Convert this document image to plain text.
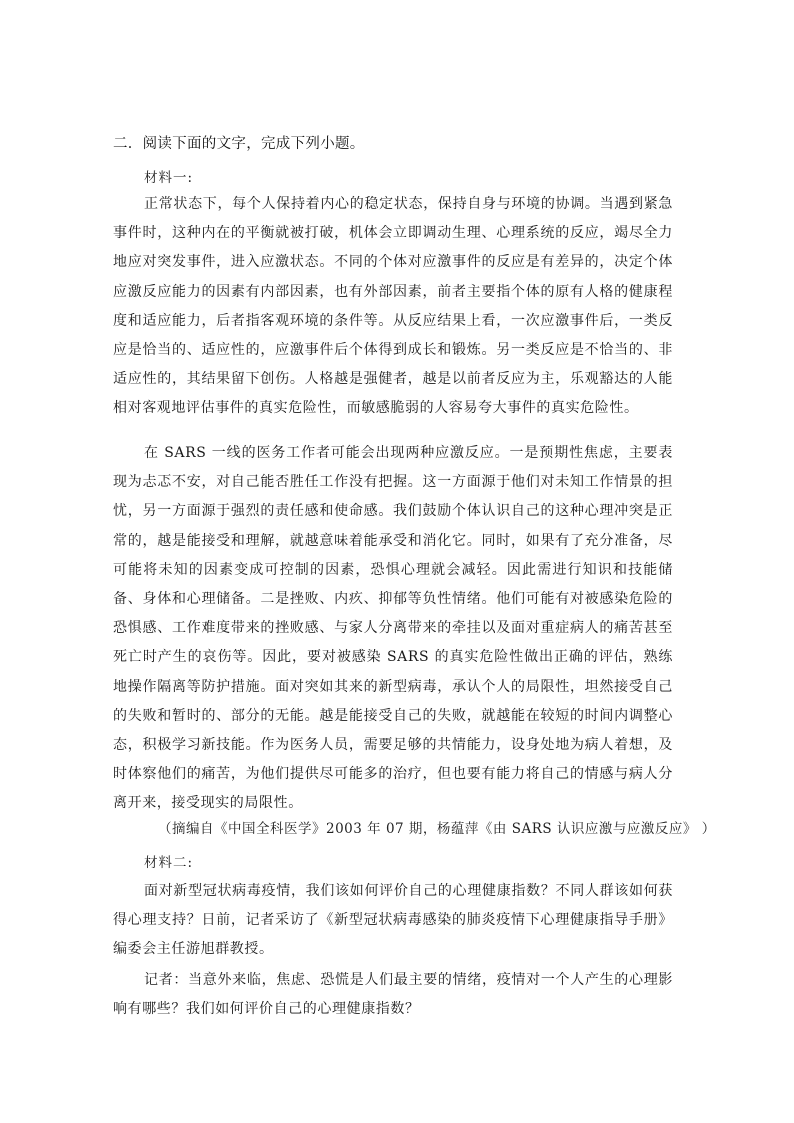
二．阅读下面的文字，完成下列小题。
材料一:

正常状态下，每个人保持着内心的稳定状态，保持自身与环境的协调。当遇到紧急事件时，这种内在的平衡就被打破，机体会立即调动生理、心理系统的反应，竭尽全力地应对突发事件，进入应激状态。不同的个体对应激事件的反应是有差异的，决定个体应激反应能力的因素有内部因素，也有外部因素，前者主要指个体的原有人格的健康程度和适应能力，后者指客观环境的条件等。从反应结果上看，一次应激事件后，一类反应是恰当的、适应性的，应激事件后个体得到成长和锻炼。另一类反应是不恰当的、非适应性的，其结果留下创伤。人格越是强健者，越是以前者反应为主，乐观豁达的人能相对客观地评估事件的真实危险性，而敏感脆弱的人容易夸大事件的真实危险性。

在 SARS 一线的医务工作者可能会出现两种应激反应。一是预期性焦虑，主要表现为忐忑不安，对自己能否胜任工作没有把握。这一方面源于他们对未知工作情景的担忧，另一方面源于强烈的责任感和使命感。我们鼓励个体认识自己的这种心理冲突是正常的，越是能接受和理解，就越意味着能承受和消化它。同时，如果有了充分准备，尽可能将未知的因素变成可控制的因素，恐惧心理就会减轻。因此需进行知识和技能储备、身体和心理储备。二是挫败、内疚、抑郁等负性情绪。他们可能有对被感染危险的恐惧感、工作难度带来的挫败感、与家人分离带来的牵挂以及面对重症病人的痛苦甚至死亡时产生的哀伤等。因此，要对被感染 SARS 的真实危险性做出正确的评估，熟练地操作隔离等防护措施。面对突如其来的新型病毒，承认个人的局限性，坦然接受自己的失败和暂时的、部分的无能。越是能接受自己的失败，就越能在较短的时间内调整心态，积极学习新技能。作为医务人员，需要足够的共情能力，设身处地为病人着想，及时体察他们的痛苦，为他们提供尽可能多的治疗，但也要有能力将自己的情感与病人分离开来，接受现实的局限性。

（摘编自《中国全科医学》2003 年 07 期，杨蕴萍《由 SARS 认识应激与应激反应》 ）
材料二:

面对新型冠状病毒疫情，我们该如何评价自己的心理健康指数？不同人群该如何获得心理支持？日前，记者采访了《新型冠状病毒感染的肺炎疫情下心理健康指导手册》编委会主任游旭群教授。

记者：当意外来临，焦虑、恐慌是人们最主要的情绪，疫情对一个人产生的心理影响有哪些？我们如何评价自己的心理健康指数？
